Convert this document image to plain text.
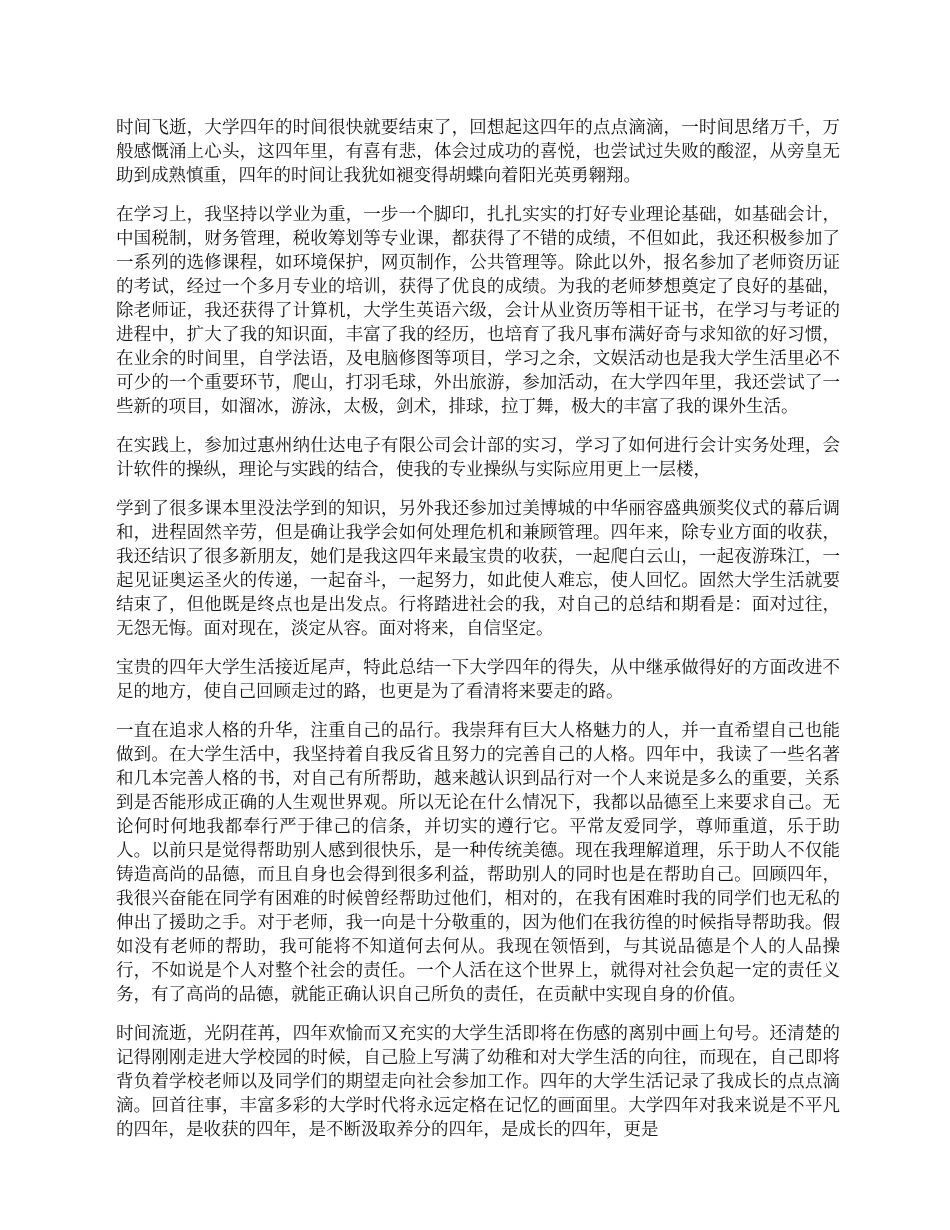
时间飞逝，大学四年的时间很快就要结束了，回想起这四年的点点滴滴，一时间思绪万千，万般感慨涌上心头，这四年里，有喜有悲，体会过成功的喜悦，也尝试过失败的酸涩，从旁皇无助到成熟慎重，四年的时间让我犹如褪变得胡蝶向着阳光英勇翱翔。

在学习上，我坚持以学业为重，一步一个脚印，扎扎实实的打好专业理论基础，如基础会计，中国税制，财务管理，税收筹划等专业课，都获得了不错的成绩，不但如此，我还积极参加了一系列的选修课程，如环境保护，网页制作，公共管理等。除此以外，报名参加了老师资历证的考试，经过一个多月专业的培训，获得了优良的成绩。为我的老师梦想奠定了良好的基础，除老师证，我还获得了计算机，大学生英语六级，会计从业资历等相干证书，在学习与考证的进程中，扩大了我的知识面，丰富了我的经历，也培育了我凡事布满好奇与求知欲的好习惯，在业余的时间里，自学法语，及电脑修图等项目，学习之余，文娱活动也是我大学生活里必不可少的一个重要环节，爬山，打羽毛球，外出旅游，参加活动，在大学四年里，我还尝试了一些新的项目，如溜冰，游泳，太极，剑术，排球，拉丁舞，极大的丰富了我的课外生活。

在实践上，参加过惠州纳仕达电子有限公司会计部的实习，学习了如何进行会计实务处理，会计软件的操纵，理论与实践的结合，使我的专业操纵与实际应用更上一层楼，

学到了很多课本里没法学到的知识，另外我还参加过美博城的中华丽容盛典颁奖仪式的幕后调和，进程固然辛劳，但是确让我学会如何处理危机和兼顾管理。四年来，除专业方面的收获，我还结识了很多新朋友，她们是我这四年来最宝贵的收获，一起爬白云山，一起夜游珠江，一起见证奥运圣火的传递，一起奋斗，一起努力，如此使人难忘，使人回忆。固然大学生活就要结束了，但他既是终点也是出发点。行将踏进社会的我，对自己的总结和期看是：面对过往，无怨无悔。面对现在，淡定从容。面对将来，自信坚定。

宝贵的四年大学生活接近尾声，特此总结一下大学四年的得失，从中继承做得好的方面改进不足的地方，使自己回顾走过的路，也更是为了看清将来要走的路。

一直在追求人格的升华，注重自己的品行。我崇拜有巨大人格魅力的人，并一直希望自己也能做到。在大学生活中，我坚持着自我反省且努力的完善自己的人格。四年中，我读了一些名著和几本完善人格的书，对自己有所帮助，越来越认识到品行对一个人来说是多么的重要，关系到是否能形成正确的人生观世界观。所以无论在什么情况下，我都以品德至上来要求自己。无论何时何地我都奉行严于律己的信条，并切实的遵行它。平常友爱同学，尊师重道，乐于助人。以前只是觉得帮助别人感到很快乐，是一种传统美德。现在我理解道理，乐于助人不仅能铸造高尚的品德，而且自身也会得到很多利益，帮助别人的同时也是在帮助自己。回顾四年，我很兴奋能在同学有困难的时候曾经帮助过他们，相对的，在我有困难时我的同学们也无私的伸出了援助之手。对于老师，我一向是十分敬重的，因为他们在我彷徨的时候指导帮助我。假如没有老师的帮助，我可能将不知道何去何从。我现在领悟到，与其说品德是个人的人品操行，不如说是个人对整个社会的责任。一个人活在这个世界上，就得对社会负起一定的责任义务，有了高尚的品德，就能正确认识自己所负的责任，在贡献中实现自身的价值。

时间流逝，光阴荏苒，四年欢愉而又充实的大学生活即将在伤感的离别中画上句号。还清楚的记得刚刚走进大学校园的时候，自己脸上写满了幼稚和对大学生活的向往，而现在，自己即将背负着学校老师以及同学们的期望走向社会参加工作。四年的大学生活记录了我成长的点点滴滴。回首往事，丰富多彩的大学时代将永远定格在记忆的画面里。大学四年对我来说是不平凡的四年，是收获的四年，是不断汲取养分的四年，是成长的四年，更是
